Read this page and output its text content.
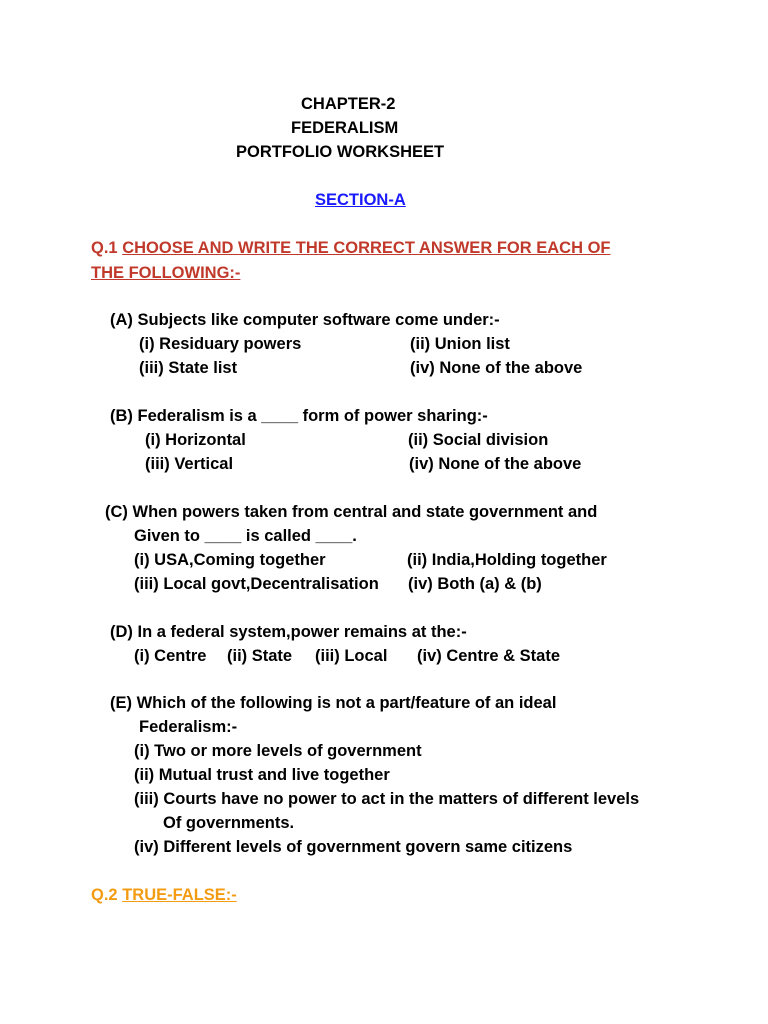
CHAPTER-2
FEDERALISM
PORTFOLIO WORKSHEET
SECTION-A
Q.1 CHOOSE AND WRITE THE CORRECT ANSWER FOR EACH OF
THE FOLLOWING:-
(A) Subjects like computer software come under:-
(i) Residuary powers	(ii) Union list
(iii) State list	(iv) None of the above
(B) Federalism is a ____ form of power sharing:-
(i) Horizontal	(ii) Social division
(iii) Vertical	(iv) None of the above
(C) When powers taken from central and state government and
Given to ____ is called ____.
(i) USA,Coming together	(ii) India,Holding together
(iii) Local govt,Decentralisation (iv) Both (a) & (b)
(D) In a federal system,power remains at the:-
(i) Centre (ii) State (iii) Local (iv) Centre & State
(E) Which of the following is not a part/feature of an ideal
Federalism:-
(i) Two or more levels of government
(ii) Mutual trust and live together
(iii) Courts have no power to act in the matters of different levels
Of governments.
(iv) Different levels of government govern same citizens
Q.2 TRUE-FALSE:-
